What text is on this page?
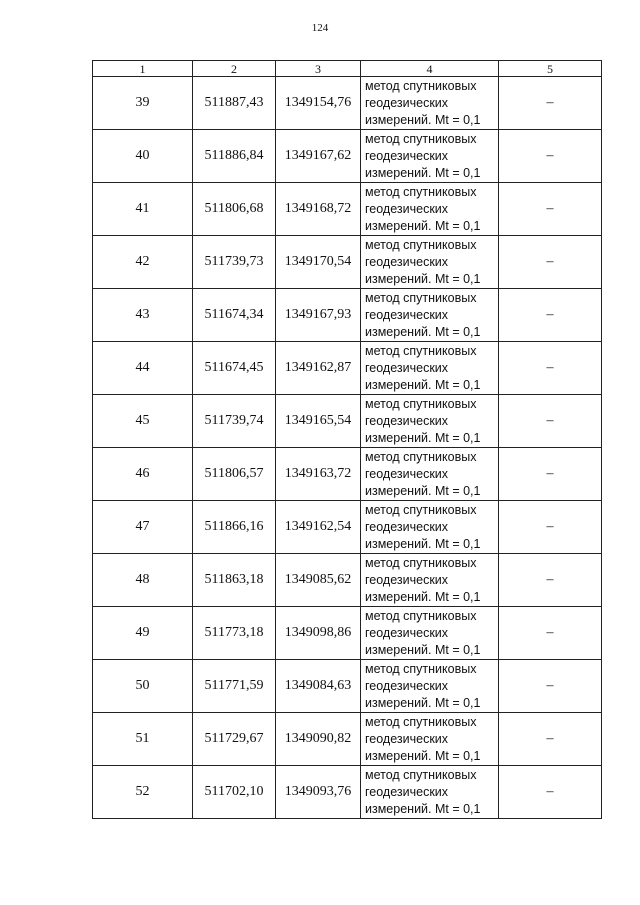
124
1	2	3	4	5
39	511887,43	1349154,76	метод спутниковых
геодезических
измерений. Mt = 0,1	–
40	511886,84	1349167,62	метод спутниковых
геодезических
измерений. Mt = 0,1	–
41	511806,68	1349168,72	метод спутниковых
геодезических
измерений. Mt = 0,1	–
42	511739,73	1349170,54	метод спутниковых
геодезических
измерений. Mt = 0,1	–
43	511674,34	1349167,93	метод спутниковых
геодезических
измерений. Mt = 0,1	–
44	511674,45	1349162,87	метод спутниковых
геодезических
измерений. Mt = 0,1	–
45	511739,74	1349165,54	метод спутниковых
геодезических
измерений. Mt = 0,1	–
46	511806,57	1349163,72	метод спутниковых
геодезических
измерений. Mt = 0,1	–
47	511866,16	1349162,54	метод спутниковых
геодезических
измерений. Mt = 0,1	–
48	511863,18	1349085,62	метод спутниковых
геодезических
измерений. Mt = 0,1	–
49	511773,18	1349098,86	метод спутниковых
геодезических
измерений. Mt = 0,1	–
50	511771,59	1349084,63	метод спутниковых
геодезических
измерений. Mt = 0,1	–
51	511729,67	1349090,82	метод спутниковых
геодезических
измерений. Mt = 0,1	–
52	511702,10	1349093,76	метод спутниковых
геодезических
измерений. Mt = 0,1	–
